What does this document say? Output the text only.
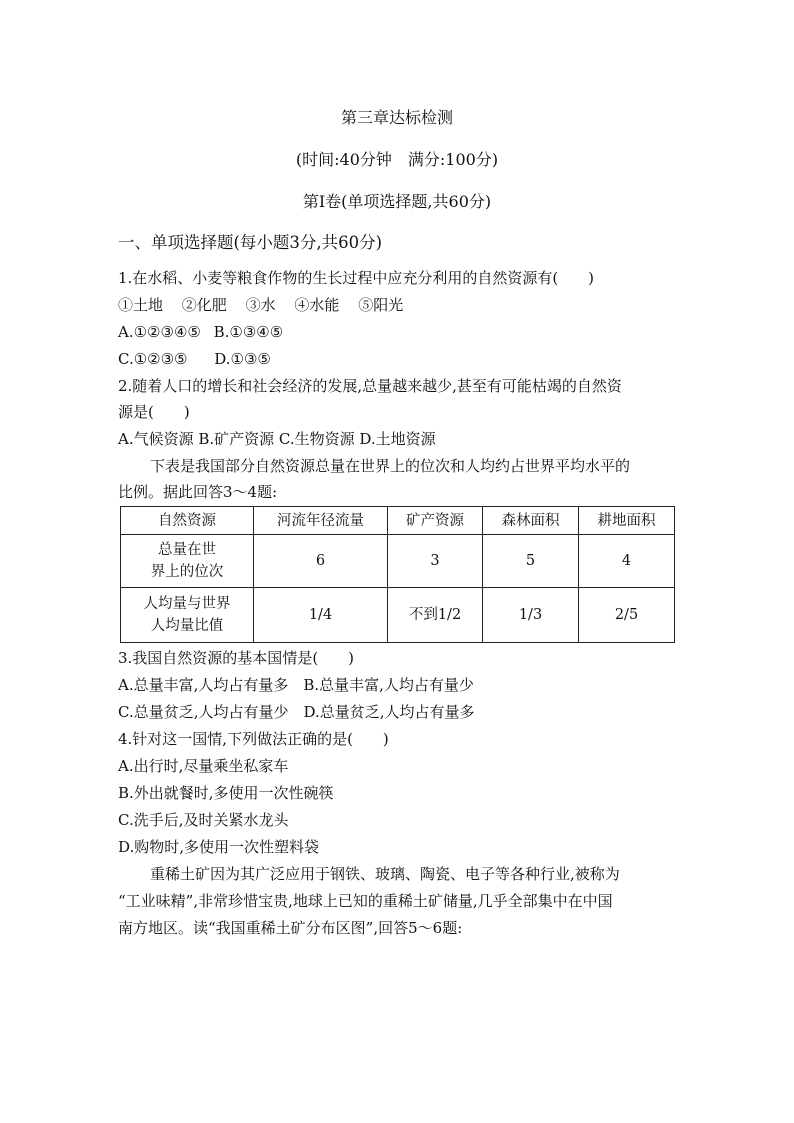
第三章达标检测
(时间:40分钟　满分:100分)
第Ⅰ卷(单项选择题,共60分)
一、单项选择题(每小题3分,共60分)
1.在水稻、小麦等粮食作物的生长过程中应充分利用的自然资源有(　　)
①土地 ②化肥 ③水 ④水能 ⑤阳光
A.①②③④⑤ B.①③④⑤
C.①②③⑤ D.①③⑤
2.随着人口的增长和社会经济的发展,总量越来越少,甚至有可能枯竭的自然资
源是(　　)
A.气候资源 B.矿产资源 C.生物资源 D.土地资源
下表是我国部分自然资源总量在世界上的位次和人均约占世界平均水平的
比例。据此回答3～4题:
自然资源	河流年径流量	矿产资源	森林面积	耕地面积

总量在世
界上的位次	6	3	5	4

人均量与世界
人均量比值	1/4	不到1/2	1/3	2/5
3.我国自然资源的基本国情是(　　)
A.总量丰富,人均占有量多　B.总量丰富,人均占有量少
C.总量贫乏,人均占有量少　D.总量贫乏,人均占有量多
4.针对这一国情,下列做法正确的是(　　)
A.出行时,尽量乘坐私家车
B.外出就餐时,多使用一次性碗筷
C.洗手后,及时关紧水龙头
D.购物时,多使用一次性塑料袋
重稀土矿因为其广泛应用于钢铁、玻璃、陶瓷、电子等各种行业,被称为
“工业味精”,非常珍惜宝贵,地球上已知的重稀土矿储量,几乎全部集中在中国
南方地区。读“我国重稀土矿分布区图”,回答5～6题:
